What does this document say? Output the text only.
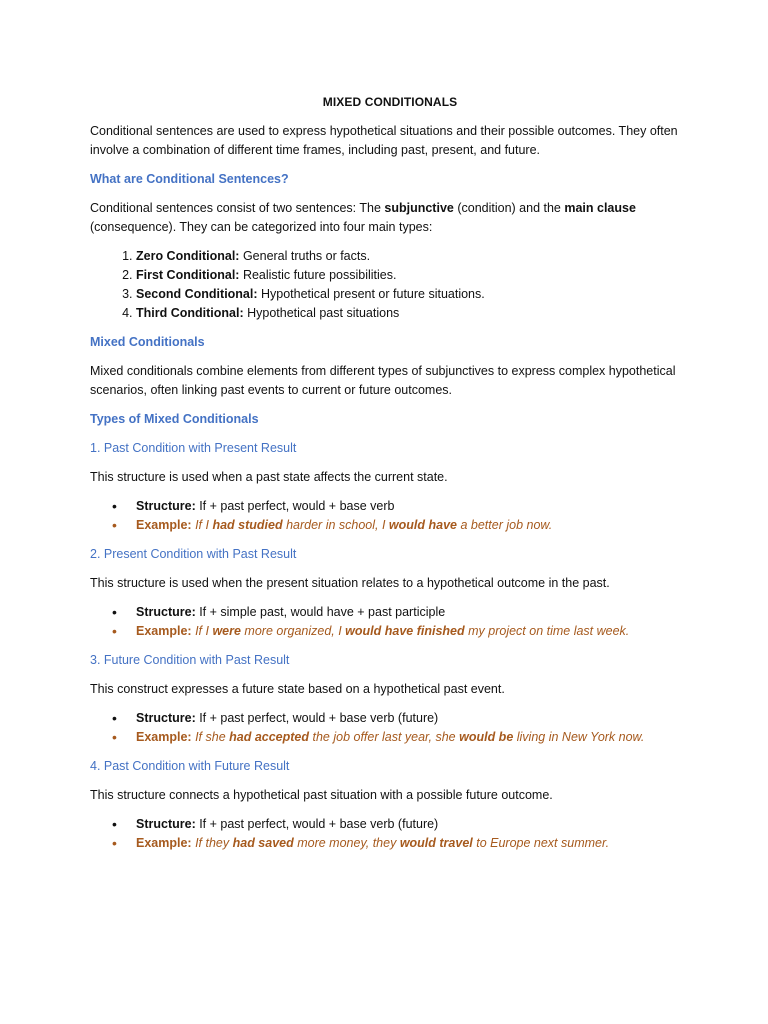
MIXED CONDITIONALS

Conditional sentences are used to express hypothetical situations and their possible outcomes. They often involve a combination of different time frames, including past, present, and future.

What are Conditional Sentences?

Conditional sentences consist of two sentences: The subjunctive (condition) and the main clause (consequence). They can be categorized into four main types:

1. Zero Conditional: General truths or facts.
2. First Conditional: Realistic future possibilities.
3. Second Conditional: Hypothetical present or future situations.
4. Third Conditional: Hypothetical past situations
Mixed Conditionals

Mixed conditionals combine elements from different types of subjunctives to express complex hypothetical scenarios, often linking past events to current or future outcomes.

Types of Mixed Conditionals
1. Past Condition with Present Result

This structure is used when a past state affects the current state.

• Structure: If + past perfect, would + base verb
• Example: If I had studied harder in school, I would have a better job now.
2. Present Condition with Past Result

This structure is used when the present situation relates to a hypothetical outcome in the past.

• Structure: If + simple past, would have + past participle
• Example: If I were more organized, I would have finished my project on time last week.
3. Future Condition with Past Result

This construct expresses a future state based on a hypothetical past event.

• Structure: If + past perfect, would + base verb (future)
• Example: If she had accepted the job offer last year, she would be living in New York now.
4. Past Condition with Future Result

This structure connects a hypothetical past situation with a possible future outcome.

• Structure: If + past perfect, would + base verb (future)
• Example: If they had saved more money, they would travel to Europe next summer.
